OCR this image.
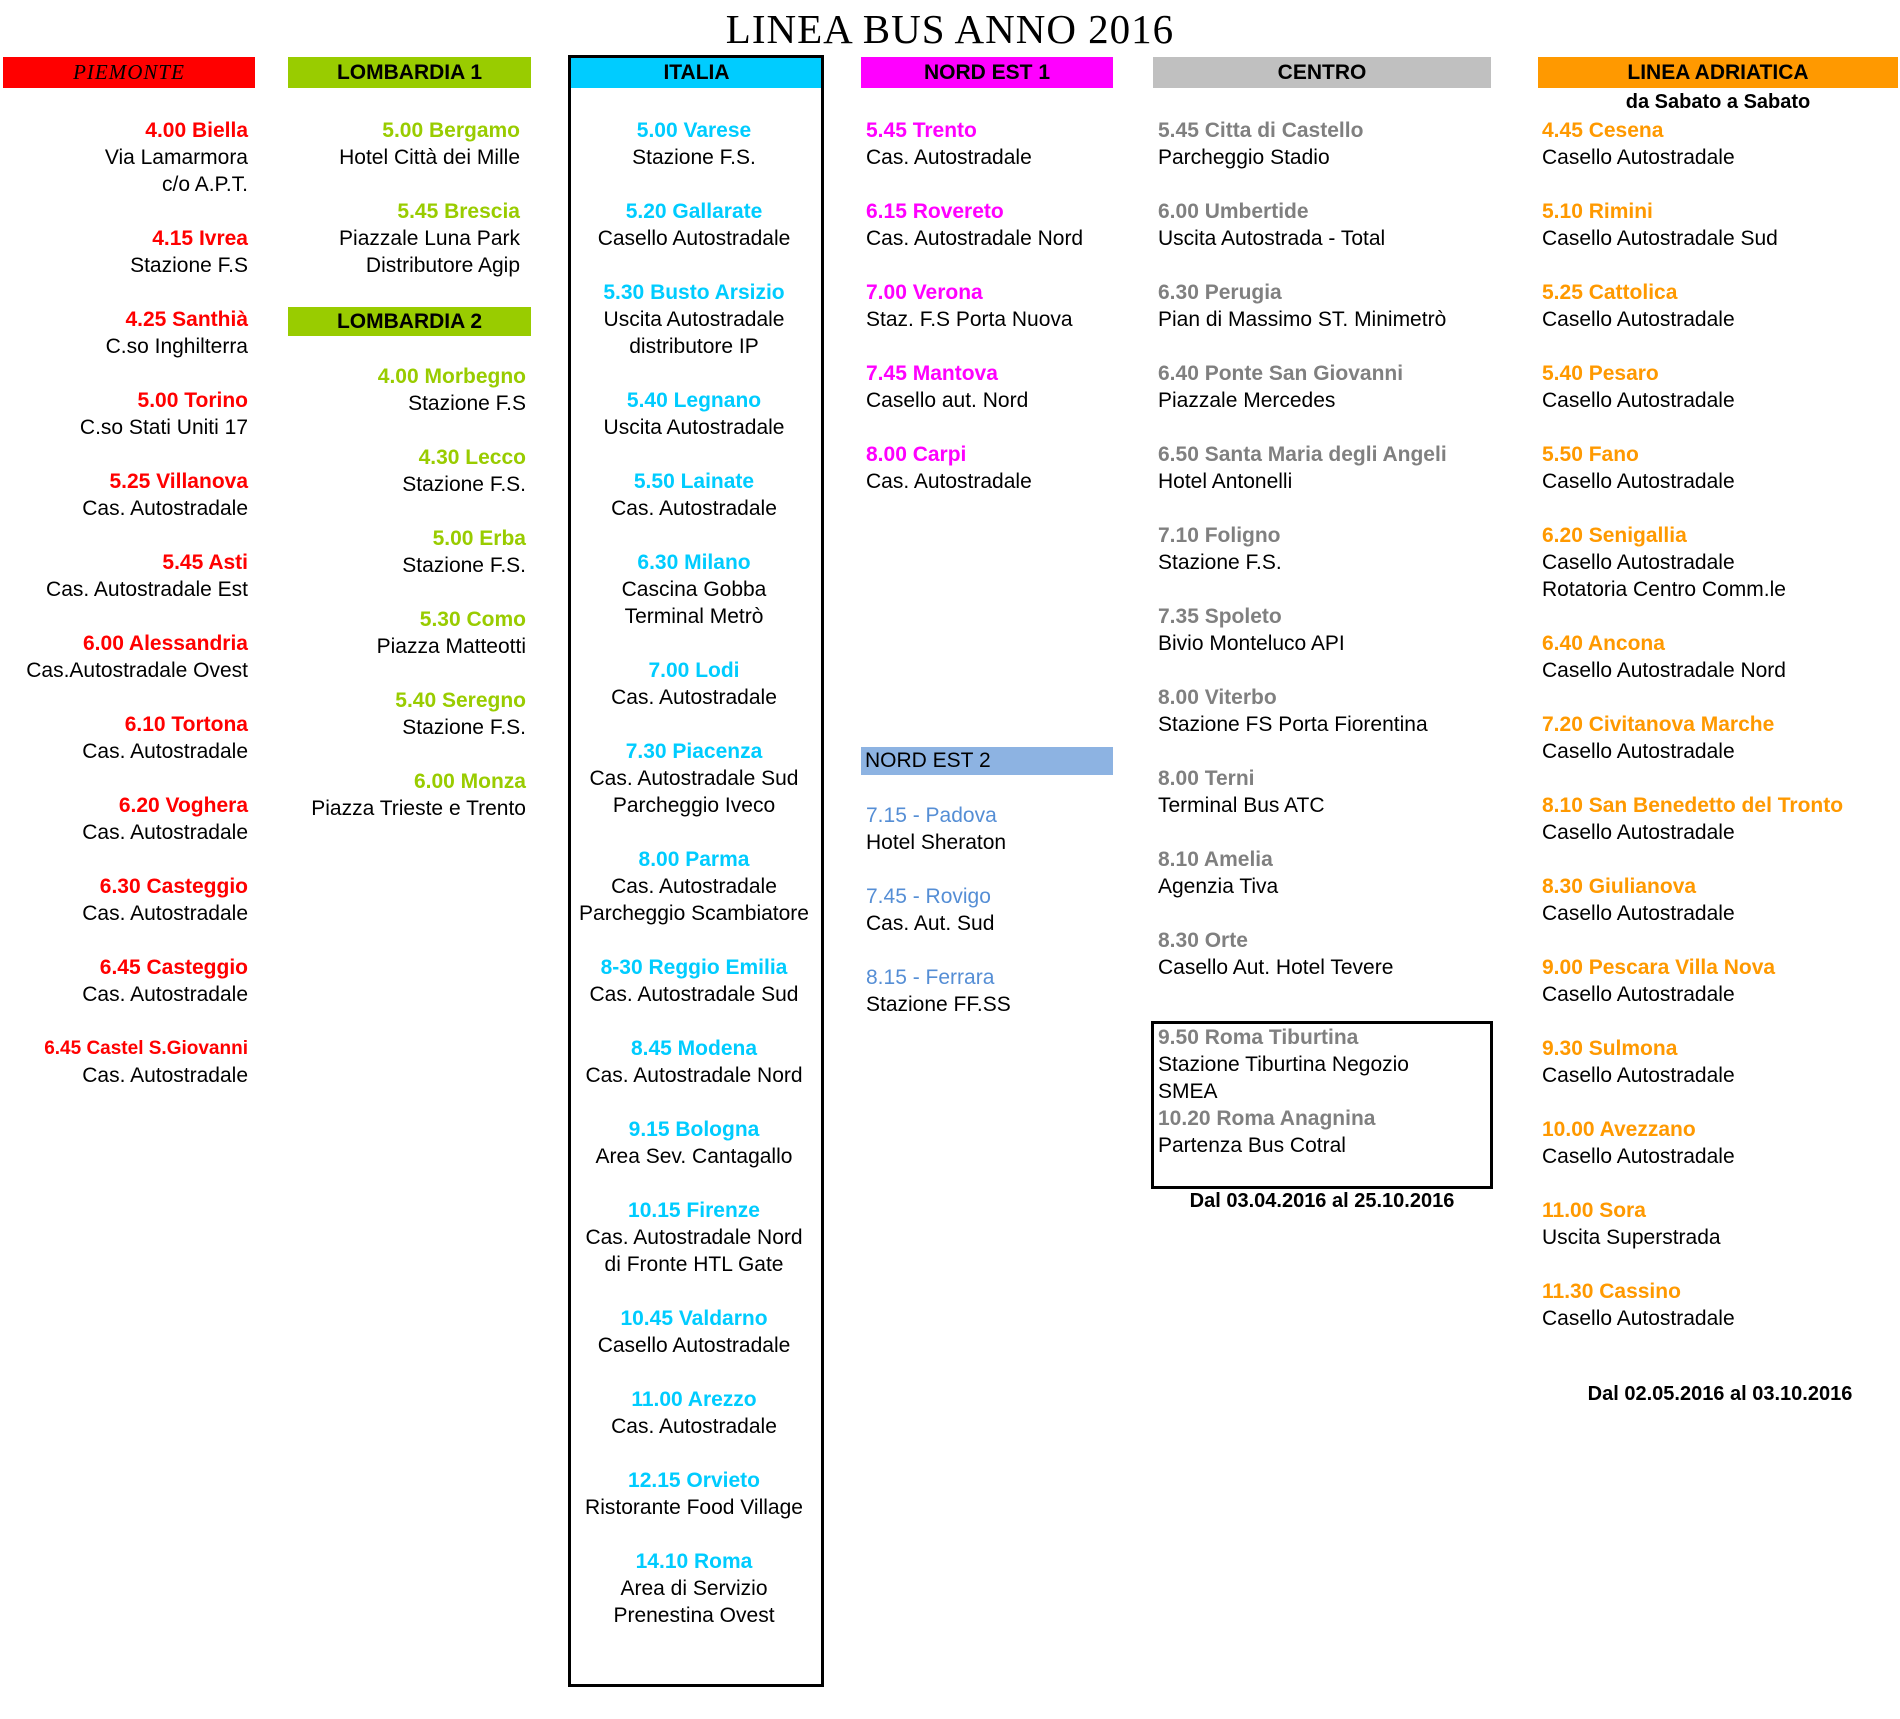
LINEA BUS ANNO 2016
PIEMONTE	LOMBARDIA 1	ITALIA	NORD EST 1	CENTRO	LINEA ADRIATICA
da Sabato a Sabato
LOMBARDIA 2
NORD EST 2
4.00 Biella
Via Lamarmora
c/o A.P.T.
4.15 Ivrea
Stazione F.S
4.25 Santhià
C.so Inghilterra
5.00 Torino
C.so Stati Uniti 17
5.25 Villanova
Cas. Autostradale
5.45 Asti
Cas. Autostradale Est
6.00 Alessandria
Cas.Autostradale Ovest
6.10 Tortona
Cas. Autostradale
6.20 Voghera
Cas. Autostradale
6.30 Casteggio
Cas. Autostradale
6.45 Casteggio
Cas. Autostradale
6.45 Castel S.Giovanni
Cas. Autostradale
5.00 Bergamo
Hotel Città dei Mille
5.45 Brescia
Piazzale Luna Park
Distributore Agip
4.00 Morbegno
Stazione F.S
4.30 Lecco
Stazione F.S.
5.00 Erba
Stazione F.S.
5.30 Como
Piazza Matteotti
5.40 Seregno
Stazione F.S.
6.00 Monza
Piazza Trieste e Trento
5.00 Varese
Stazione F.S.
5.20 Gallarate
Casello Autostradale
5.30 Busto Arsizio
Uscita Autostradale
distributore IP
5.40 Legnano
Uscita Autostradale
5.50 Lainate
Cas. Autostradale
6.30 Milano
Cascina Gobba
Terminal Metrò
7.00 Lodi
Cas. Autostradale
7.30 Piacenza
Cas. Autostradale Sud
Parcheggio Iveco
8.00 Parma
Cas. Autostradale
Parcheggio Scambiatore
8-30 Reggio Emilia
Cas. Autostradale Sud
8.45 Modena
Cas. Autostradale Nord
9.15 Bologna
Area Sev. Cantagallo
10.15 Firenze
Cas. Autostradale Nord
di Fronte HTL Gate
10.45 Valdarno
Casello Autostradale
11.00 Arezzo
Cas. Autostradale
12.15 Orvieto
Ristorante Food Village
14.10 Roma
Area di Servizio
Prenestina Ovest
5.45 Trento
Cas. Autostradale
6.15 Rovereto
Cas. Autostradale Nord
7.00 Verona
Staz. F.S Porta Nuova
7.45 Mantova
Casello aut. Nord
8.00 Carpi
Cas. Autostradale
7.15 - Padova
Hotel Sheraton
7.45 - Rovigo
Cas. Aut. Sud
8.15 - Ferrara
Stazione FF.SS
5.45 Citta di Castello
Parcheggio Stadio
6.00 Umbertide
Uscita Autostrada - Total
6.30 Perugia
Pian di Massimo ST. Minimetrò
6.40 Ponte San Giovanni
Piazzale Mercedes
6.50 Santa Maria degli Angeli
Hotel Antonelli
7.10 Foligno
Stazione F.S.
7.35 Spoleto
Bivio Monteluco API
8.00 Viterbo
Stazione FS Porta Fiorentina
8.00 Terni
Terminal Bus ATC
8.10 Amelia
Agenzia Tiva
8.30 Orte
Casello Aut. Hotel Tevere
9.50 Roma Tiburtina
Stazione Tiburtina Negozio
SMEA
10.20 Roma Anagnina
Partenza Bus Cotral
Dal 03.04.2016 al 25.10.2016
4.45 Cesena
Casello Autostradale
5.10 Rimini
Casello Autostradale Sud
5.25 Cattolica
Casello Autostradale
5.40 Pesaro
Casello Autostradale
5.50 Fano
Casello Autostradale
6.20 Senigallia
Casello Autostradale
Rotatoria Centro Comm.le
6.40 Ancona
Casello Autostradale Nord
7.20 Civitanova Marche
Casello Autostradale
8.10 San Benedetto del Tronto
Casello Autostradale
8.30 Giulianova
Casello Autostradale
9.00 Pescara Villa Nova
Casello Autostradale
9.30 Sulmona
Casello Autostradale
10.00 Avezzano
Casello Autostradale
11.00 Sora
Uscita Superstrada
11.30 Cassino
Casello Autostradale
Dal 02.05.2016 al 03.10.2016
